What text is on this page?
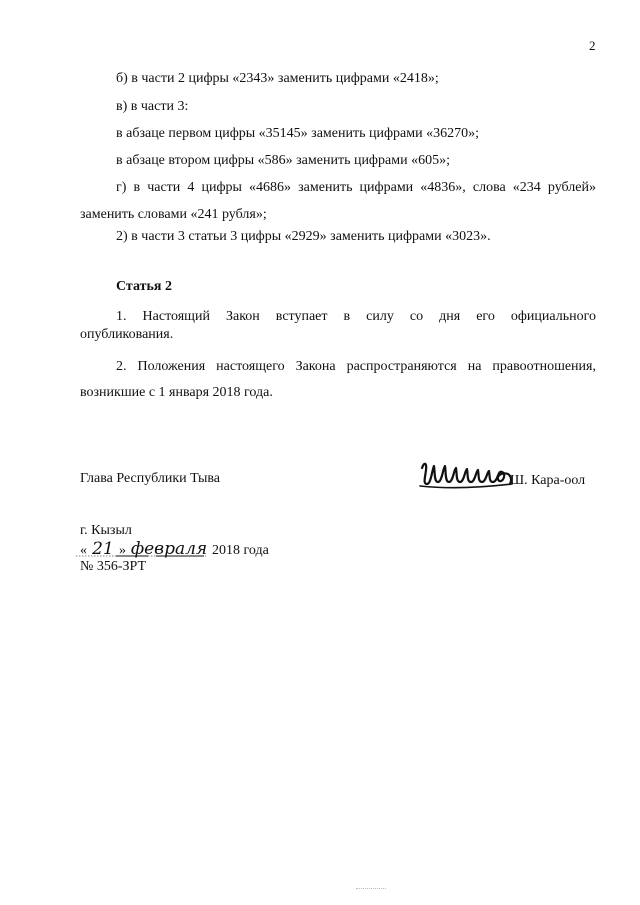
2
б) в части 2 цифры «2343» заменить цифрами «2418»;
в) в части 3:
в абзаце первом цифры «35145» заменить цифрами «36270»;
в абзаце втором цифры «586» заменить цифрами «605»;
г) в части 4 цифры «4686» заменить цифрами «4836», слова «234 рублей»
заменить словами «241 рубля»;
2) в части 3 статьи 3 цифры «2929» заменить цифрами «3023».
Статья 2
1. Настоящий Закон вступает в силу со дня его официального
опубликования.
2. Положения настоящего Закона распространяются на правоотношения,
возникшие с 1 января 2018 года.
Глава Республики Тыва	Ш. Кара-оол
г. Кызыл
« 21 » февраля 2018 года
№ 356-ЗРТ
